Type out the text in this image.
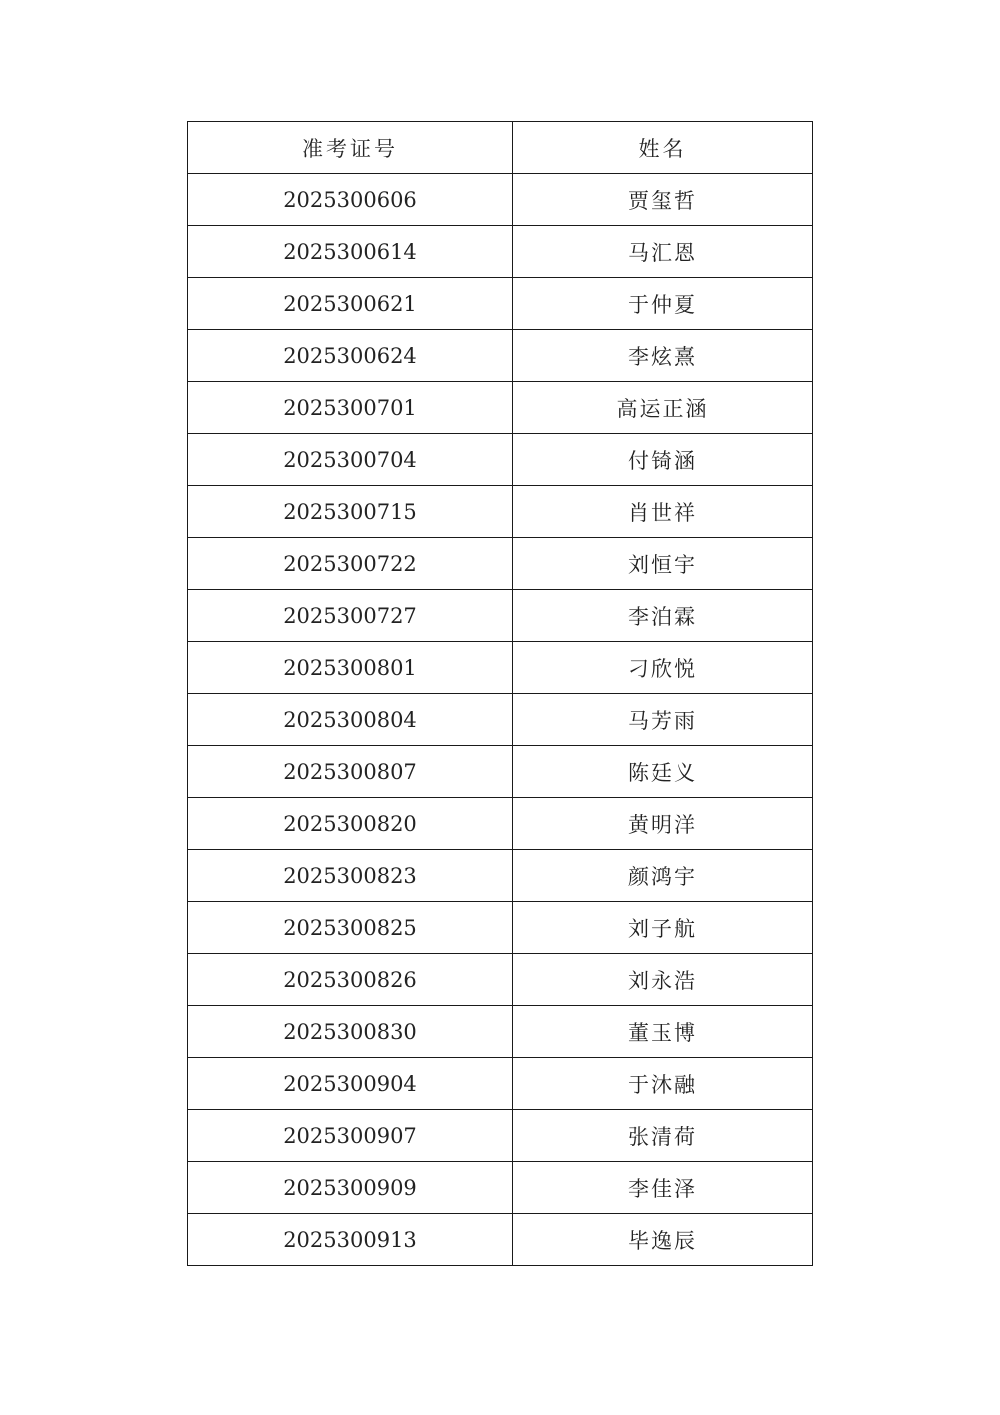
准考证号	姓名
2025300606	贾玺哲
2025300614	马汇恩
2025300621	于仲夏
2025300624	李炫熹
2025300701	高运正涵
2025300704	付锜涵
2025300715	肖世祥
2025300722	刘恒宇
2025300727	李泊霖
2025300801	刁欣悦
2025300804	马芳雨
2025300807	陈廷义
2025300820	黄明洋
2025300823	颜鸿宇
2025300825	刘子航
2025300826	刘永浩
2025300830	董玉博
2025300904	于沐融
2025300907	张清荷
2025300909	李佳泽
2025300913	毕逸辰
